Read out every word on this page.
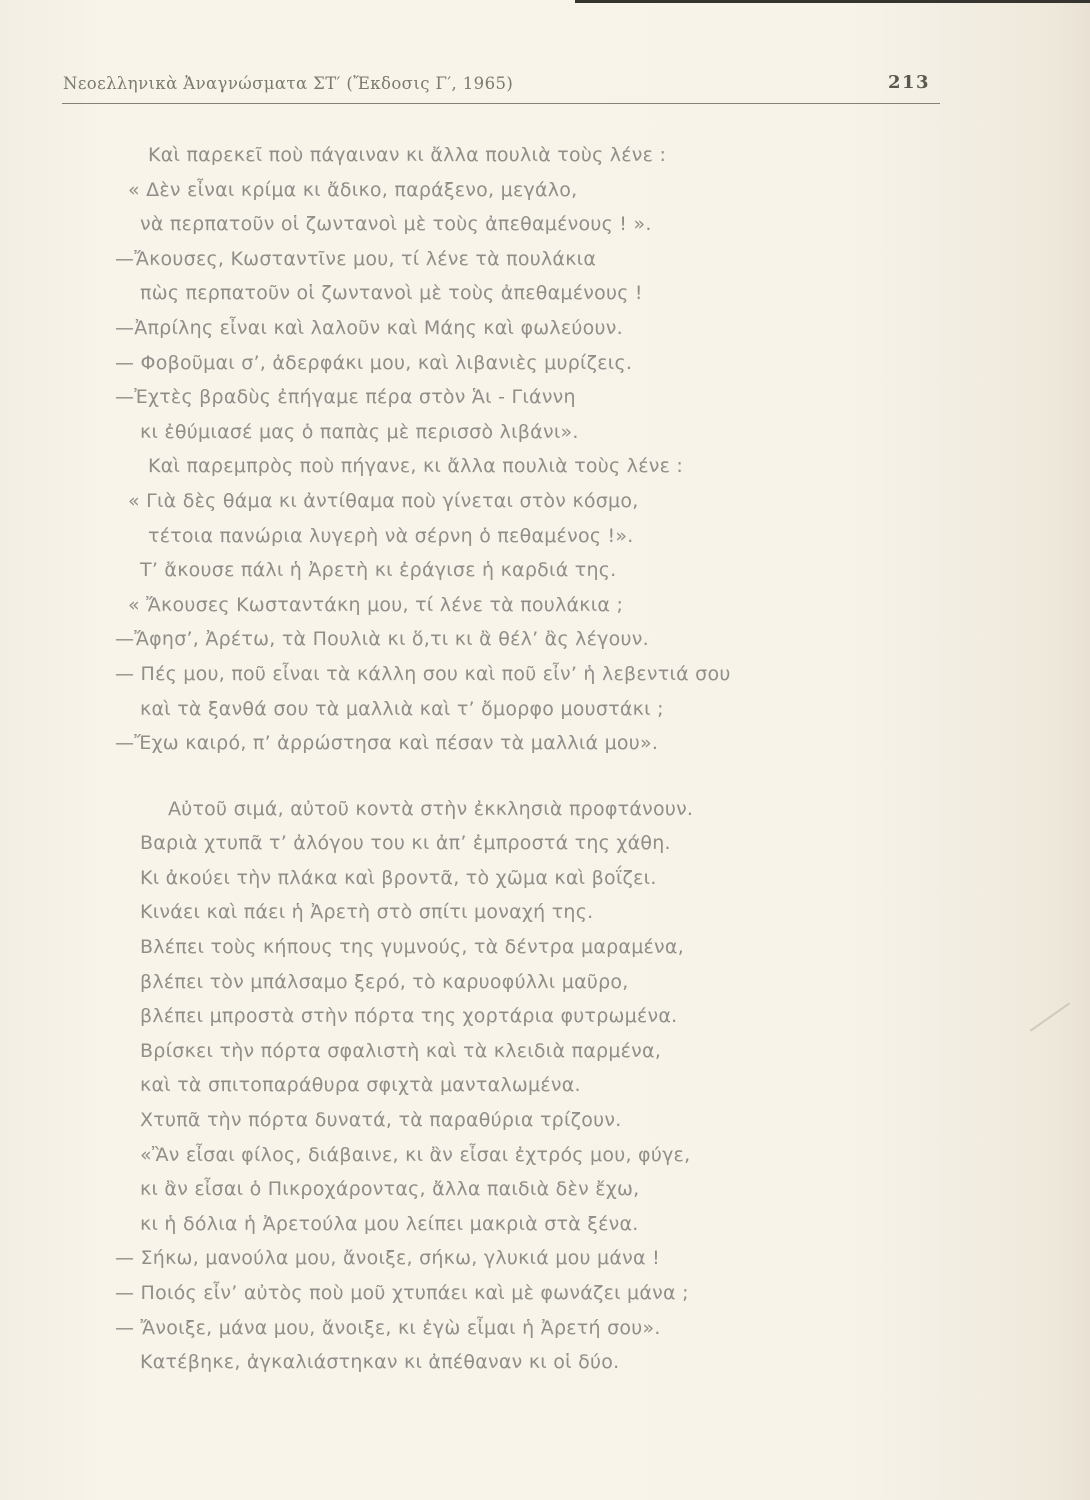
Νεοελληνικὰ Ἀναγνώσματα ΣΤ′ (Ἔκδοσις Γ′, 1965)	213
Καὶ παρεκεῖ ποὺ πάγαιναν κι ἄλλα πουλιὰ τοὺς λένε :
« Δὲν εἶναι κρίμα κι ἄδικο, παράξενο, μεγάλο,
νὰ περπατοῦν οἱ ζωντανοὶ μὲ τοὺς ἀπεθαμένους ! ».
—Ἄκουσες, Κωσταντῖνε μου, τί λένε τὰ πουλάκια
πὼς περπατοῦν οἱ ζωντανοὶ μὲ τοὺς ἀπεθαμένους !
—Ἀπρίλης εἶναι καὶ λαλοῦν καὶ Μάης καὶ φωλεύουν.
— Φοβοῦμαι σ’, ἀδερφάκι μου, καὶ λιβανιὲς μυρίζεις.
—Ἐχτὲς βραδὺς ἐπήγαμε πέρα στὸν Ἁι - Γιάννη
κι ἐθύμιασέ μας ὁ παπὰς μὲ περισσὸ λιβάνι».
Καὶ παρεμπρὸς ποὺ πήγανε, κι ἄλλα πουλιὰ τοὺς λένε :
« Γιὰ δὲς θάμα κι ἀντίθαμα ποὺ γίνεται στὸν κόσμο,
τέτοια πανώρια λυγερὴ νὰ σέρνη ὁ πεθαμένος !».
Τ’ ἄκουσε πάλι ἡ Ἀρετὴ κι ἐράγισε ἡ καρδιά της.
« Ἄκουσες Κωσταντάκη μου, τί λένε τὰ πουλάκια ;
—Ἄφησ’, Ἀρέτω, τὰ Πουλιὰ κι ὅ,τι κι ἂ θέλ’ ἂς λέγουν.
— Πές μου, ποῦ εἶναι τὰ κάλλη σου καὶ ποῦ εἶν’ ἡ λεβεντιά σου
καὶ τὰ ξανθά σου τὰ μαλλιὰ καὶ τ’ ὄμορφο μουστάκι ;
—Ἔχω καιρό, π’ ἀρρώστησα καὶ πέσαν τὰ μαλλιά μου».
Αὐτοῦ σιμά, αὐτοῦ κοντὰ στὴν ἐκκλησιὰ προφτάνουν.
Βαριὰ χτυπᾶ τ’ ἀλόγου του κι ἀπ’ ἐμπροστά της χάθη.
Κι ἀκούει τὴν πλάκα καὶ βροντᾶ, τὸ χῶμα καὶ βοΐζει.
Κινάει καὶ πάει ἡ Ἀρετὴ στὸ σπίτι μοναχή της.
Βλέπει τοὺς κήπους της γυμνούς, τὰ δέντρα μαραμένα,
βλέπει τὸν μπάλσαμο ξερό, τὸ καρυοφύλλι μαῦρο,
βλέπει μπροστὰ στὴν πόρτα της χορτάρια φυτρωμένα.
Βρίσκει τὴν πόρτα σφαλιστὴ καὶ τὰ κλειδιὰ παρμένα,
καὶ τὰ σπιτοπαράθυρα σφιχτὰ μανταλωμένα.
Χτυπᾶ τὴν πόρτα δυνατά, τὰ παραθύρια τρίζουν.
«Ἂν εἶσαι φίλος, διάβαινε, κι ἂν εἶσαι ἐχτρός μου, φύγε,
κι ἂν εἶσαι ὁ Πικροχάροντας, ἄλλα παιδιὰ δὲν ἔχω,
κι ἡ δόλια ἡ Ἀρετούλα μου λείπει μακριὰ στὰ ξένα.
— Σήκω, μανούλα μου, ἄνοιξε, σήκω, γλυκιά μου μάνα !
— Ποιός εἶν’ αὐτὸς ποὺ μοῦ χτυπάει καὶ μὲ φωνάζει μάνα ;
— Ἄνοιξε, μάνα μου, ἄνοιξε, κι ἐγὼ εἶμαι ἡ Ἀρετή σου».
Κατέβηκε, ἀγκαλιάστηκαν κι ἀπέθαναν κι οἱ δύο.
